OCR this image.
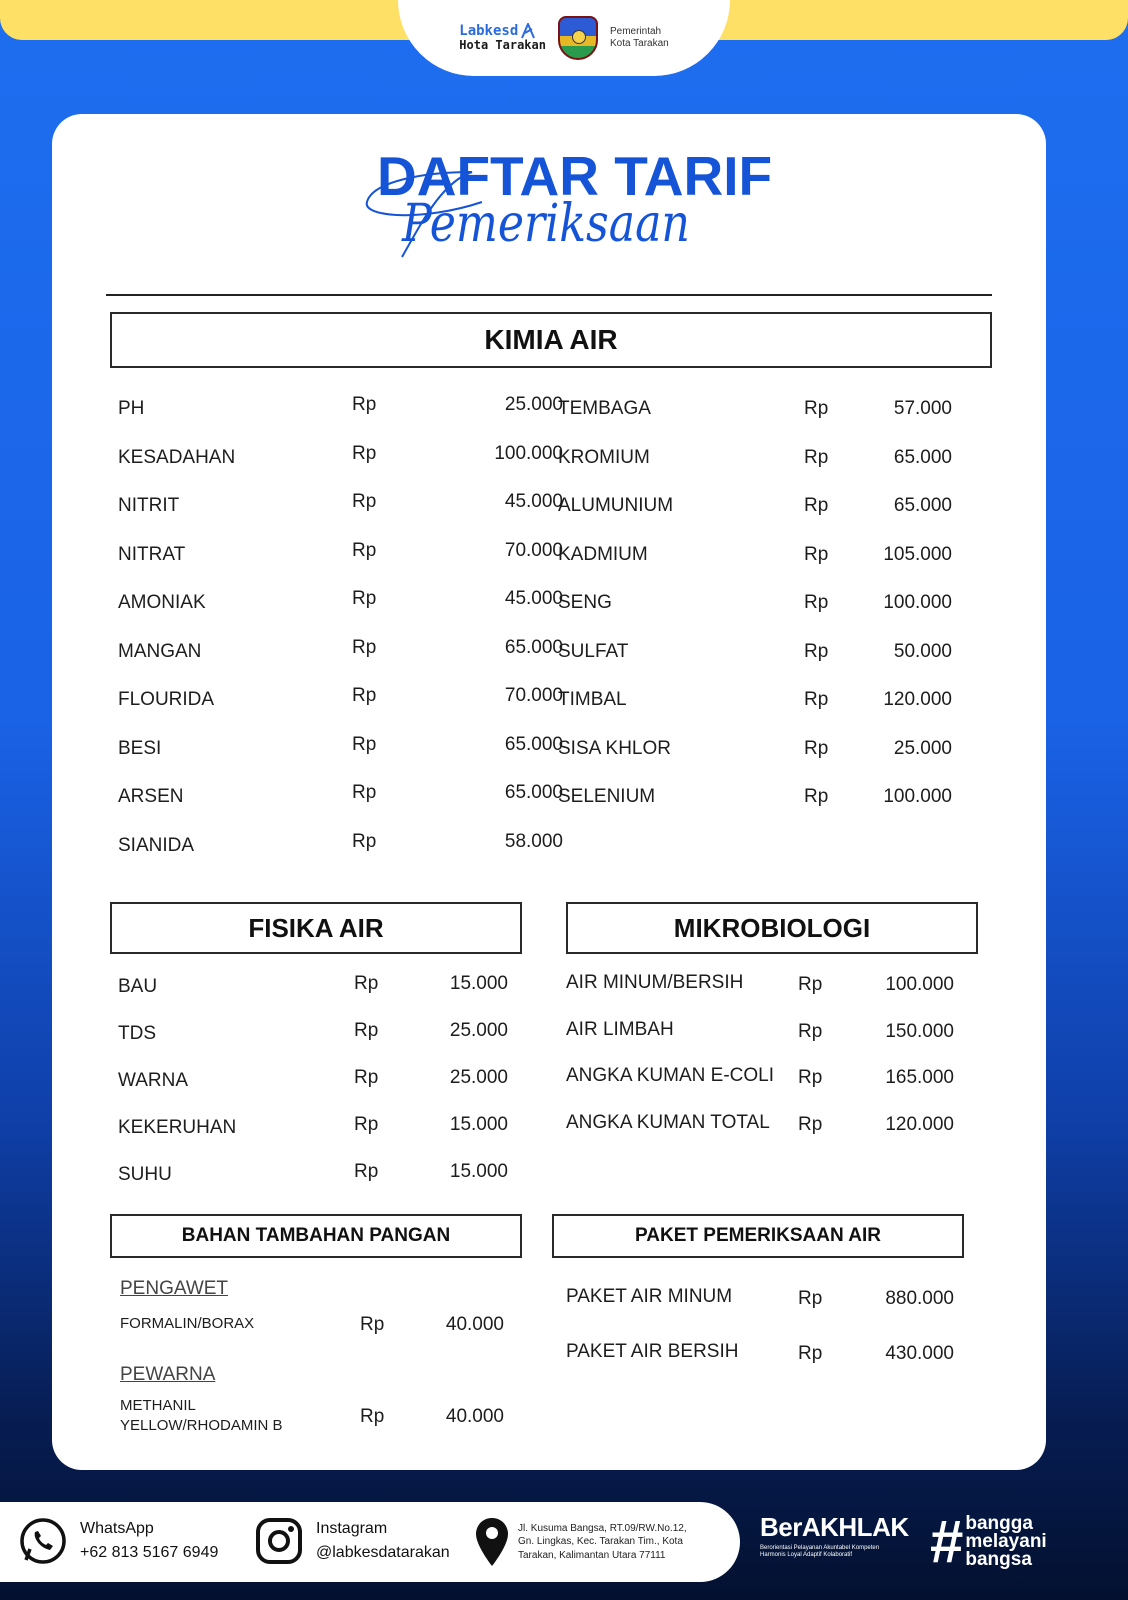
Labkesd
Hota Tarakan
Pemerintah
Kota Tarakan
DAFTAR TARIF
Pemeriksaan
KIMIA AIR
PH	Rp	25.000
KESADAHAN	Rp	100.000
NITRIT	Rp	45.000
NITRAT	Rp	70.000
AMONIAK	Rp	45.000
MANGAN	Rp	65.000
FLOURIDA	Rp	70.000
BESI	Rp	65.000
ARSEN	Rp	65.000
SIANIDA	Rp	58.000
TEMBAGA	Rp	57.000
KROMIUM	Rp	65.000
ALUMUNIUM	Rp	65.000
KADMIUM	Rp	105.000
SENG	Rp	100.000
SULFAT	Rp	50.000
TIMBAL	Rp	120.000
SISA KHLOR	Rp	25.000
SELENIUM	Rp	100.000
FISIKA AIR
BAU	Rp	15.000
TDS	Rp	25.000
WARNA	Rp	25.000
KEKERUHAN	Rp	15.000
SUHU	Rp	15.000
MIKROBIOLOGI
AIR MINUM/BERSIH	Rp	100.000
AIR LIMBAH	Rp	150.000
ANGKA KUMAN E-COLI Rp	165.000
ANGKA KUMAN TOTAL Rp	120.000
BAHAN TAMBAHAN PANGAN
PENGAWET
FORMALIN/BORAX	Rp	40.000
PEWARNA
METHANIL
YELLOW/RHODAMIN B	Rp	40.000
PAKET PEMERIKSAAN AIR
PAKET AIR MINUM	Rp	880.000
PAKET AIR BERSIH	Rp	430.000
WhatsApp
+62 813 5167 6949
Instagram
@labkesdatarakan
Jl. Kusuma Bangsa, RT.09/RW.No.12,
Gn. Lingkas, Kec. Tarakan Tim., Kota
Tarakan, Kalimantan Utara 77111
BerAKHLAK
Berorientasi Pelayanan Akuntabel Kompeten
Harmonis Loyal Adaptif Kolaboratif	# bangga
melayani
bangsa
